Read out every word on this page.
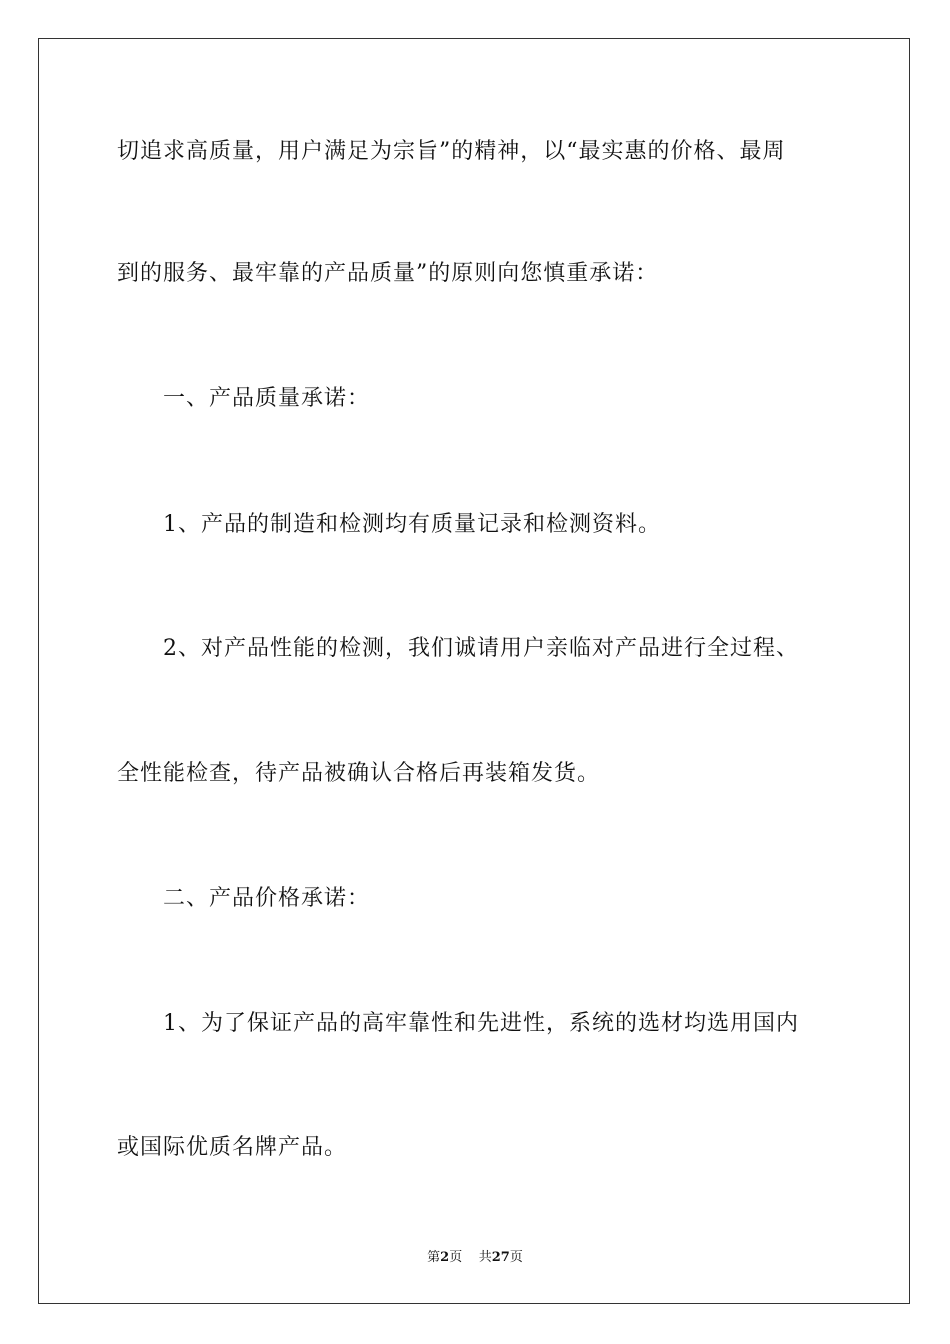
切追求高质量，用户满足为宗旨”的精神，以“最实惠的价格、最周
到的服务、最牢靠的产品质量”的原则向您慎重承诺：
一、产品质量承诺：
1、产品的制造和检测均有质量记录和检测资料。
2、对产品性能的检测，我们诚请用户亲临对产品进行全过程、
全性能检查，待产品被确认合格后再装箱发货。
二、产品价格承诺：
1、为了保证产品的高牢靠性和先进性，系统的选材均选用国内
或国际优质名牌产品。
第2页 共27页
